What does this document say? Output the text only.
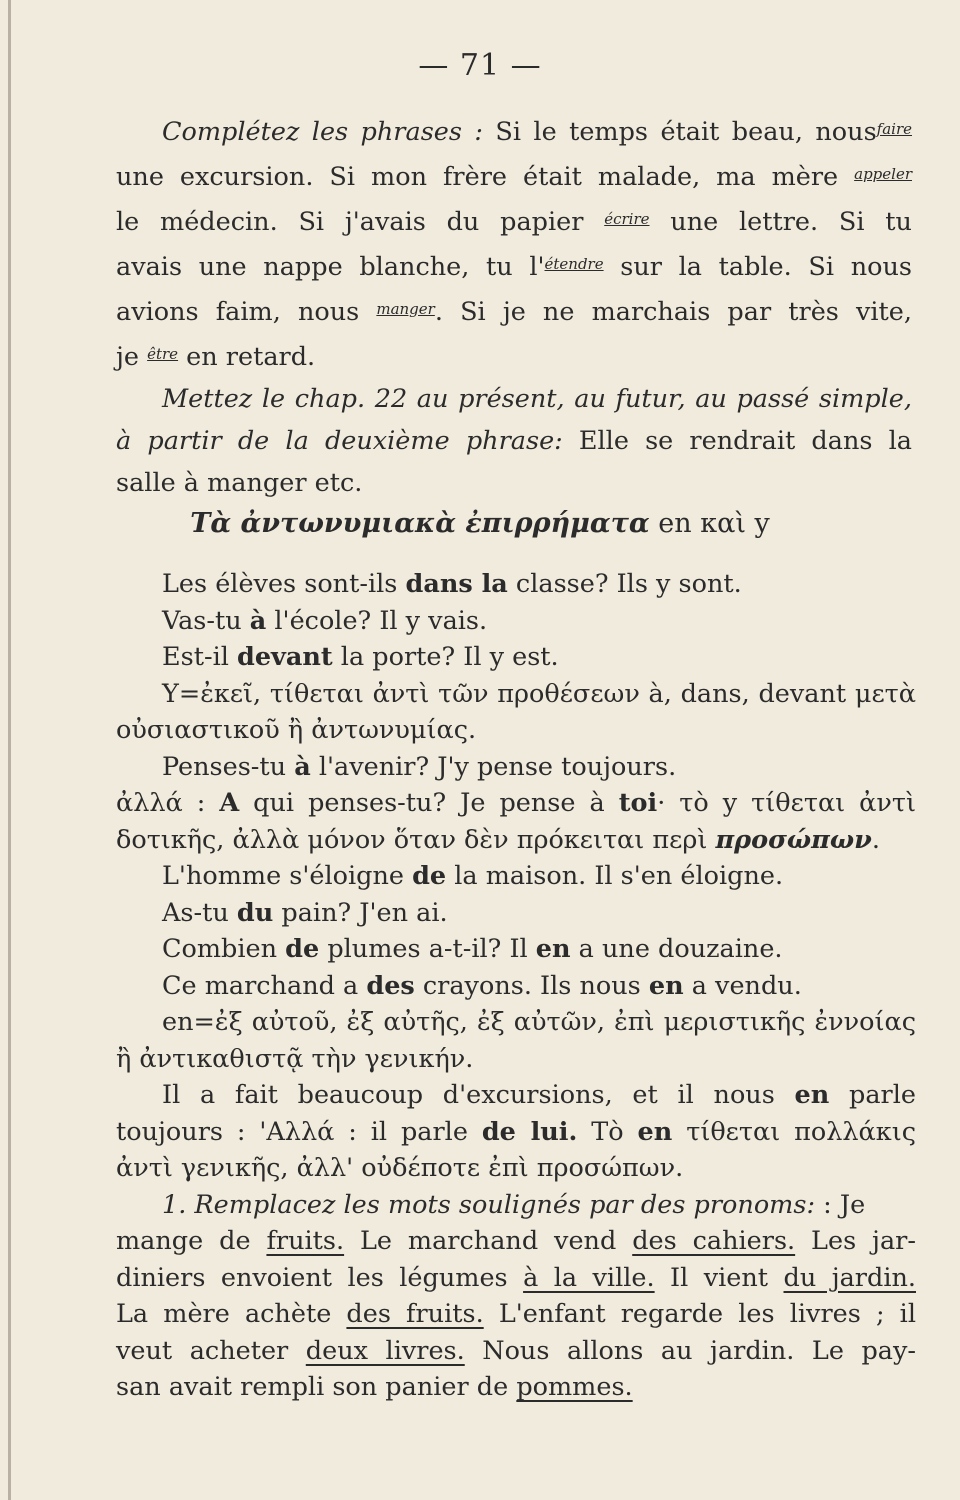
— 71 —
Complétez les phrases : Si le temps était beau, nous$^{faire}$
une excursion. Si mon frère était malade, ma mère $^{appeler}$
le médecin. Si j'avais du papier $^{écrire}$ une lettre. Si tu
avais une nappe blanche, tu $l'^{étendre}$ sur la table. Si nous
avions faim, nous $^{manger}$. Si je ne marchais par très vite,
je $^{être}$ en retard.
Mettez le chap. 22 au présent, au futur, au passé simple,
à partir de la deuxième phrase: Elle se rendrait dans la
salle à manger etc.
Τὰ ἀντωνυμιακὰ ἐπιρρήματα en καὶ y
Les élèves sont-ils dans la classe? Ils y sont.
Vas-tu à l'école? Il y vais.
Est-il devant la porte? Il y est.
Y=ἐκεῖ, τίθεται ἀντὶ τῶν προθέσεων à, dans, devant μετὰ
οὐσιαστικοῦ ἢ ἀντωνυμίας.
Penses-tu à l'avenir? J'y pense toujours.
ἀλλά : A qui penses-tu? Je pense à toi· τὸ y τίθεται ἀντὶ
δοτικῆς, ἀλλὰ μόνον ὅταν δὲν πρόκειται περὶ προσώπων.
L'homme s'éloigne de la maison. Il s'en éloigne.
As-tu du pain? J'en ai.
Combien de plumes a-t-il? Il en a une douzaine.
Ce marchand a des crayons. Ils nous en a vendu.
en=ἐξ αὐτοῦ, ἐξ αὐτῆς, ἐξ αὐτῶν, ἐπὶ μεριστικῆς ἐννοίας
ἢ ἀντικαθιστᾷ τὴν γενικήν.
Il a fait beaucoup d'excursions, et il nous en parle
toujours : 'Αλλά : il parle de lui. Τὸ en τίθεται πολλάκις
ἀντὶ γενικῆς, ἀλλ' οὐδέποτε ἐπὶ προσώπων.
1. Remplacez les mots soulignés par des pronoms: : Je
mange de fruits. Le marchand vend des cahiers. Les jar-
diniers envoient les légumes à la ville. Il vient du jardin.
La mère achète des fruits. L'enfant regarde les livres ; il
veut acheter deux livres. Nous allons au jardin. Le pay-
san avait rempli son panier de pommes.
